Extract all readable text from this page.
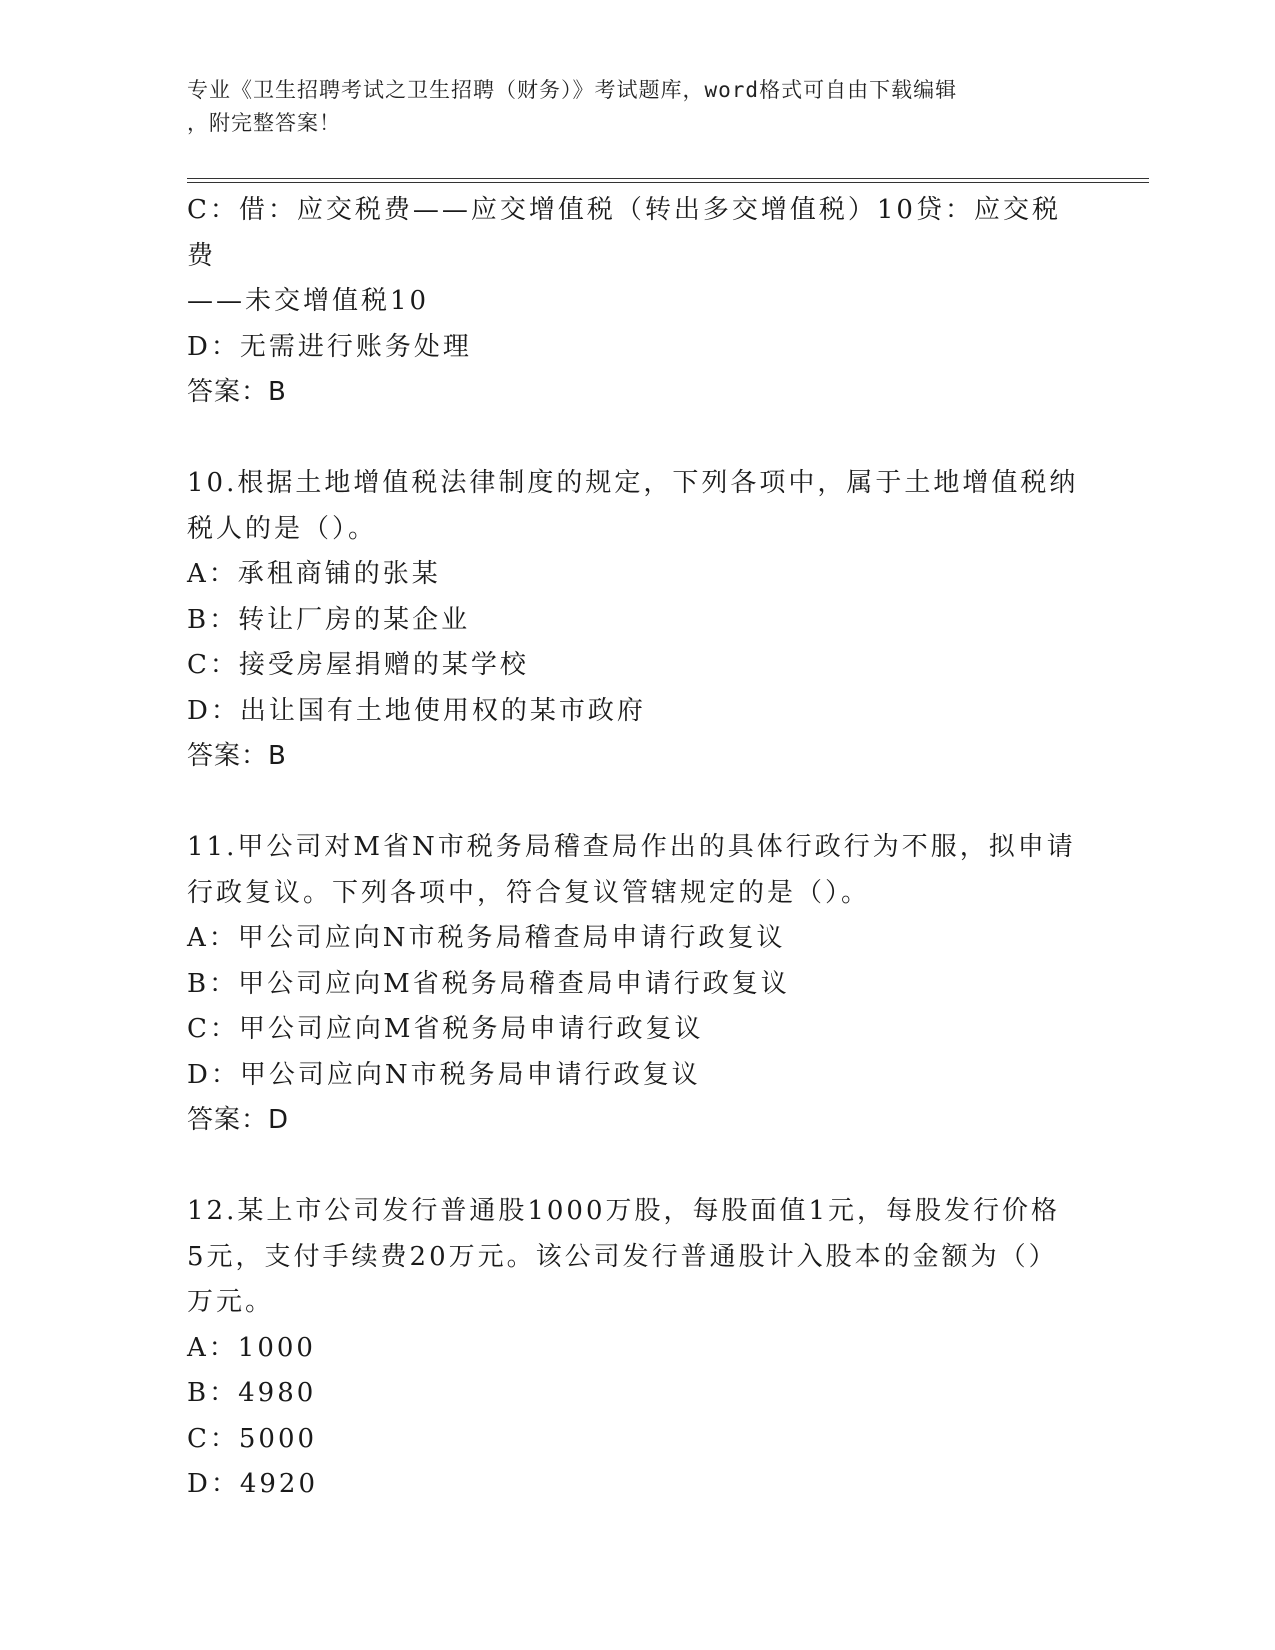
专业《卫生招聘考试之卫生招聘（财务）》考试题库，word格式可自由下载编辑
，附完整答案！
C：借：应交税费——应交增值税（转出多交增值税）10贷：应交税费
——未交增值税10
D：无需进行账务处理
答案：B
10.根据土地增值税法律制度的规定，下列各项中，属于土地增值税纳
税人的是（）。
A：承租商铺的张某
B：转让厂房的某企业
C：接受房屋捐赠的某学校
D：出让国有土地使用权的某市政府
答案：B
11.甲公司对M省N市税务局稽查局作出的具体行政行为不服，拟申请
行政复议。下列各项中，符合复议管辖规定的是（）。
A：甲公司应向N市税务局稽查局申请行政复议
B：甲公司应向M省税务局稽查局申请行政复议
C：甲公司应向M省税务局申请行政复议
D：甲公司应向N市税务局申请行政复议
答案：D
12.某上市公司发行普通股1000万股，每股面值1元，每股发行价格
5元，支付手续费20万元。该公司发行普通股计入股本的金额为（）
万元。
A：1000
B：4980
C：5000
D：4920
